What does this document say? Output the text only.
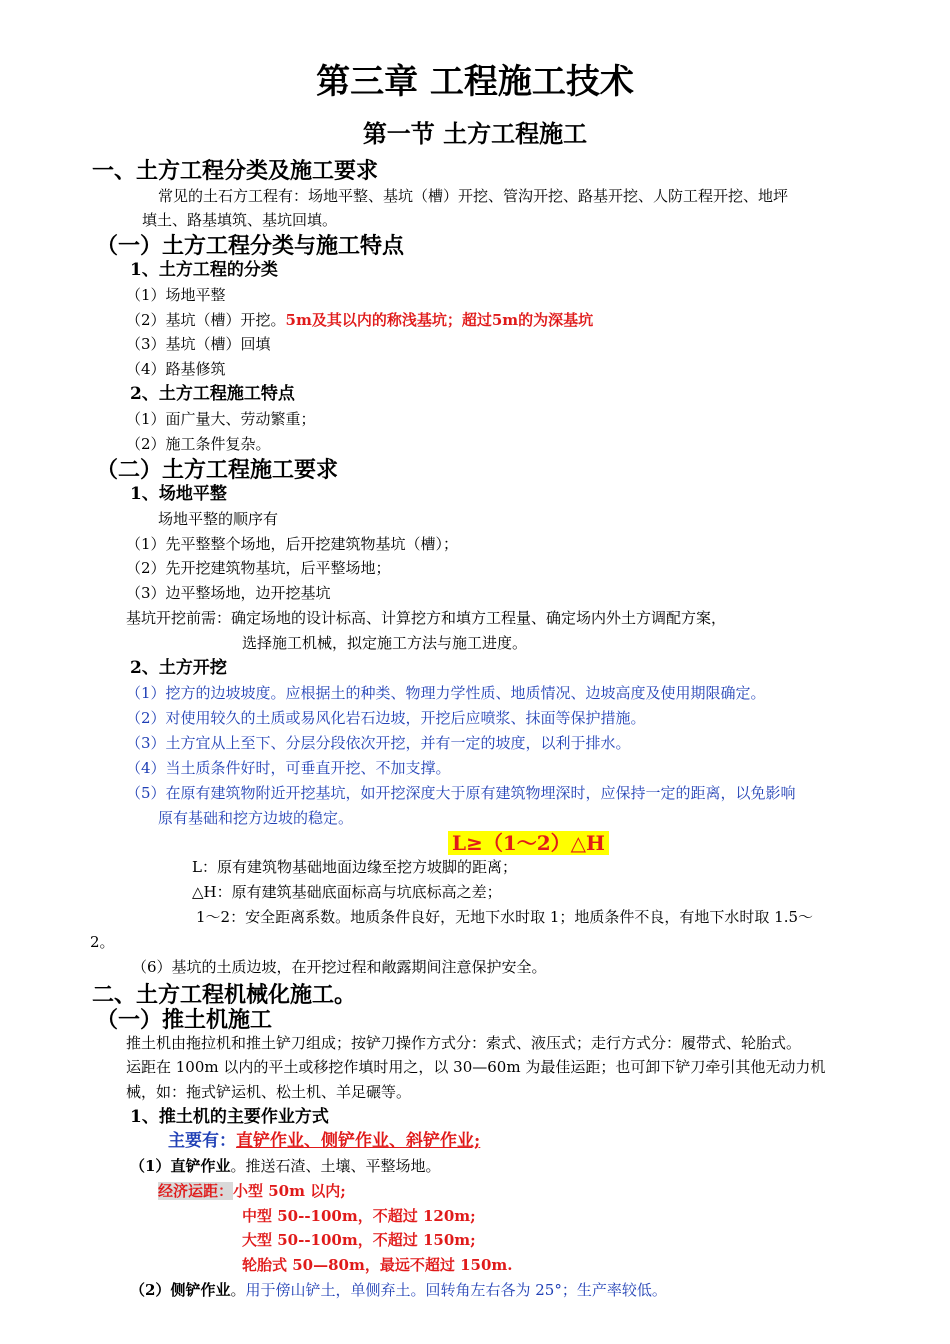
第三章 工程施工技术
第一节 土方工程施工
一、土方工程分类及施工要求
常见的土石方工程有：场地平整、基坑（槽）开挖、管沟开挖、路基开挖、人防工程开挖、地坪
填土、路基填筑、基坑回填。
（一）土方工程分类与施工特点
1、土方工程的分类
（1）场地平整
（2）基坑（槽）开挖。5m及其以内的称浅基坑；超过5m的为深基坑
（3）基坑（槽）回填
（4）路基修筑
2、土方工程施工特点
（1）面广量大、劳动繁重；
（2）施工条件复杂。
（二）土方工程施工要求
1、场地平整
场地平整的顺序有
（1）先平整整个场地，后开挖建筑物基坑（槽）；
（2）先开挖建筑物基坑，后平整场地；
（3）边平整场地，边开挖基坑
基坑开挖前需：确定场地的设计标高、计算挖方和填方工程量、确定场内外土方调配方案，
选择施工机械，拟定施工方法与施工进度。
2、土方开挖
（1）挖方的边坡坡度。应根据土的种类、物理力学性质、地质情况、边坡高度及使用期限确定。
（2）对使用较久的土质或易风化岩石边坡，开挖后应喷浆、抹面等保护措施。
（3）土方宜从上至下、分层分段依次开挖，并有一定的坡度，以利于排水。
（4）当土质条件好时，可垂直开挖、不加支撑。
（5）在原有建筑物附近开挖基坑，如开挖深度大于原有建筑物埋深时，应保持一定的距离，以免影响
原有基础和挖方边坡的稳定。
L≥（1～2）△H
L：原有建筑物基础地面边缘至挖方坡脚的距离；
△H：原有建筑基础底面标高与坑底标高之差；
1～2：安全距离系数。地质条件良好，无地下水时取 1；地质条件不良，有地下水时取 1.5～
2。
（6）基坑的土质边坡，在开挖过程和敞露期间注意保护安全。
二、土方工程机械化施工。
（一）推土机施工
推土机由拖拉机和推土铲刀组成；按铲刀操作方式分：索式、液压式；走行方式分：履带式、轮胎式。
运距在 100m 以内的平土或移挖作填时用之，以 30—60m 为最佳运距；也可卸下铲刀牵引其他无动力机
械，如：拖式铲运机、松土机、羊足碾等。
1、推土机的主要作业方式
主要有：直铲作业、侧铲作业、斜铲作业;
（1）直铲作业。推送石渣、土壤、平整场地。
经济运距：小型 50m 以内;
中型 50--100m，不超过 120m;
大型 50--100m，不超过 150m;
轮胎式 50—80m，最远不超过 150m.
（2）侧铲作业。用于傍山铲土，单侧弃土。回转角左右各为 25°；生产率较低。
